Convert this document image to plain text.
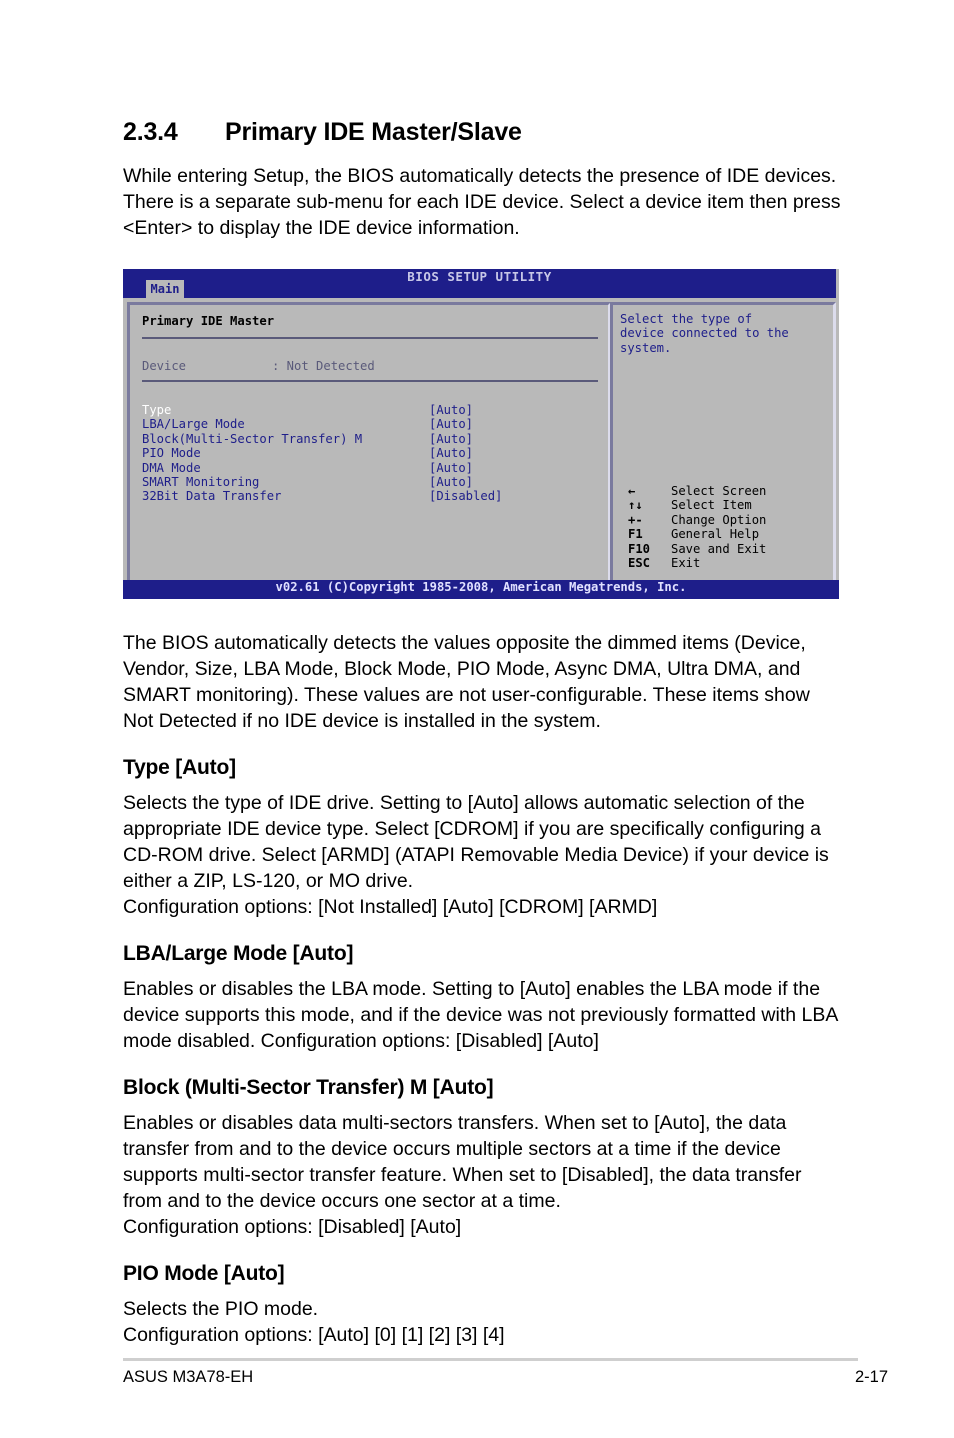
2.3.4 Primary IDE Master/Slave

While entering Setup, the BIOS automatically detects the presence of IDE devices. There is a separate sub-menu for each IDE device. Select a device item then press <Enter> to display the IDE device information.

BIOS SETUP UTILITY
Main
Primary IDE Master
Device	: Not Detected
Type	[Auto]
LBA/Large Mode	[Auto]
Block(Multi-Sector Transfer) M	[Auto]
PIO Mode	[Auto]
DMA Mode	[Auto]
SMART Monitoring	[Auto]
32Bit Data Transfer	[Disabled]
Select the type of
device connected to the
system.
←	Select Screen
↑↓ Select Item
+- Change Option
F1 General Help
F10 Save and Exit
ESC Exit
v02.61 (C)Copyright 1985-2008, American Megatrends, Inc.

The BIOS automatically detects the values opposite the dimmed items (Device, Vendor, Size, LBA Mode, Block Mode, PIO Mode, Async DMA, Ultra DMA, and SMART monitoring). These values are not user-configurable. These items show Not Detected if no IDE device is installed in the system.

Type [Auto]

Selects the type of IDE drive. Setting to [Auto] allows automatic selection of the appropriate IDE device type. Select [CDROM] if you are specifically configuring a CD-ROM drive. Select [ARMD] (ATAPI Removable Media Device) if your device is either a ZIP, LS-120, or MO drive.

Configuration options: [Not Installed] [Auto] [CDROM] [ARMD]

LBA/Large Mode [Auto]

Enables or disables the LBA mode. Setting to [Auto] enables the LBA mode if the device supports this mode, and if the device was not previously formatted with LBA mode disabled. Configuration options: [Disabled] [Auto]

Block (Multi-Sector Transfer) M [Auto]

Enables or disables data multi-sectors transfers. When set to [Auto], the data transfer from and to the device occurs multiple sectors at a time if the device supports multi-sector transfer feature. When set to [Disabled], the data transfer from and to the device occurs one sector at a time.

Configuration options: [Disabled] [Auto]

PIO Mode [Auto]

Selects the PIO mode.

Configuration options: [Auto] [0] [1] [2] [3] [4]

ASUS M3A78-EH	2-17
